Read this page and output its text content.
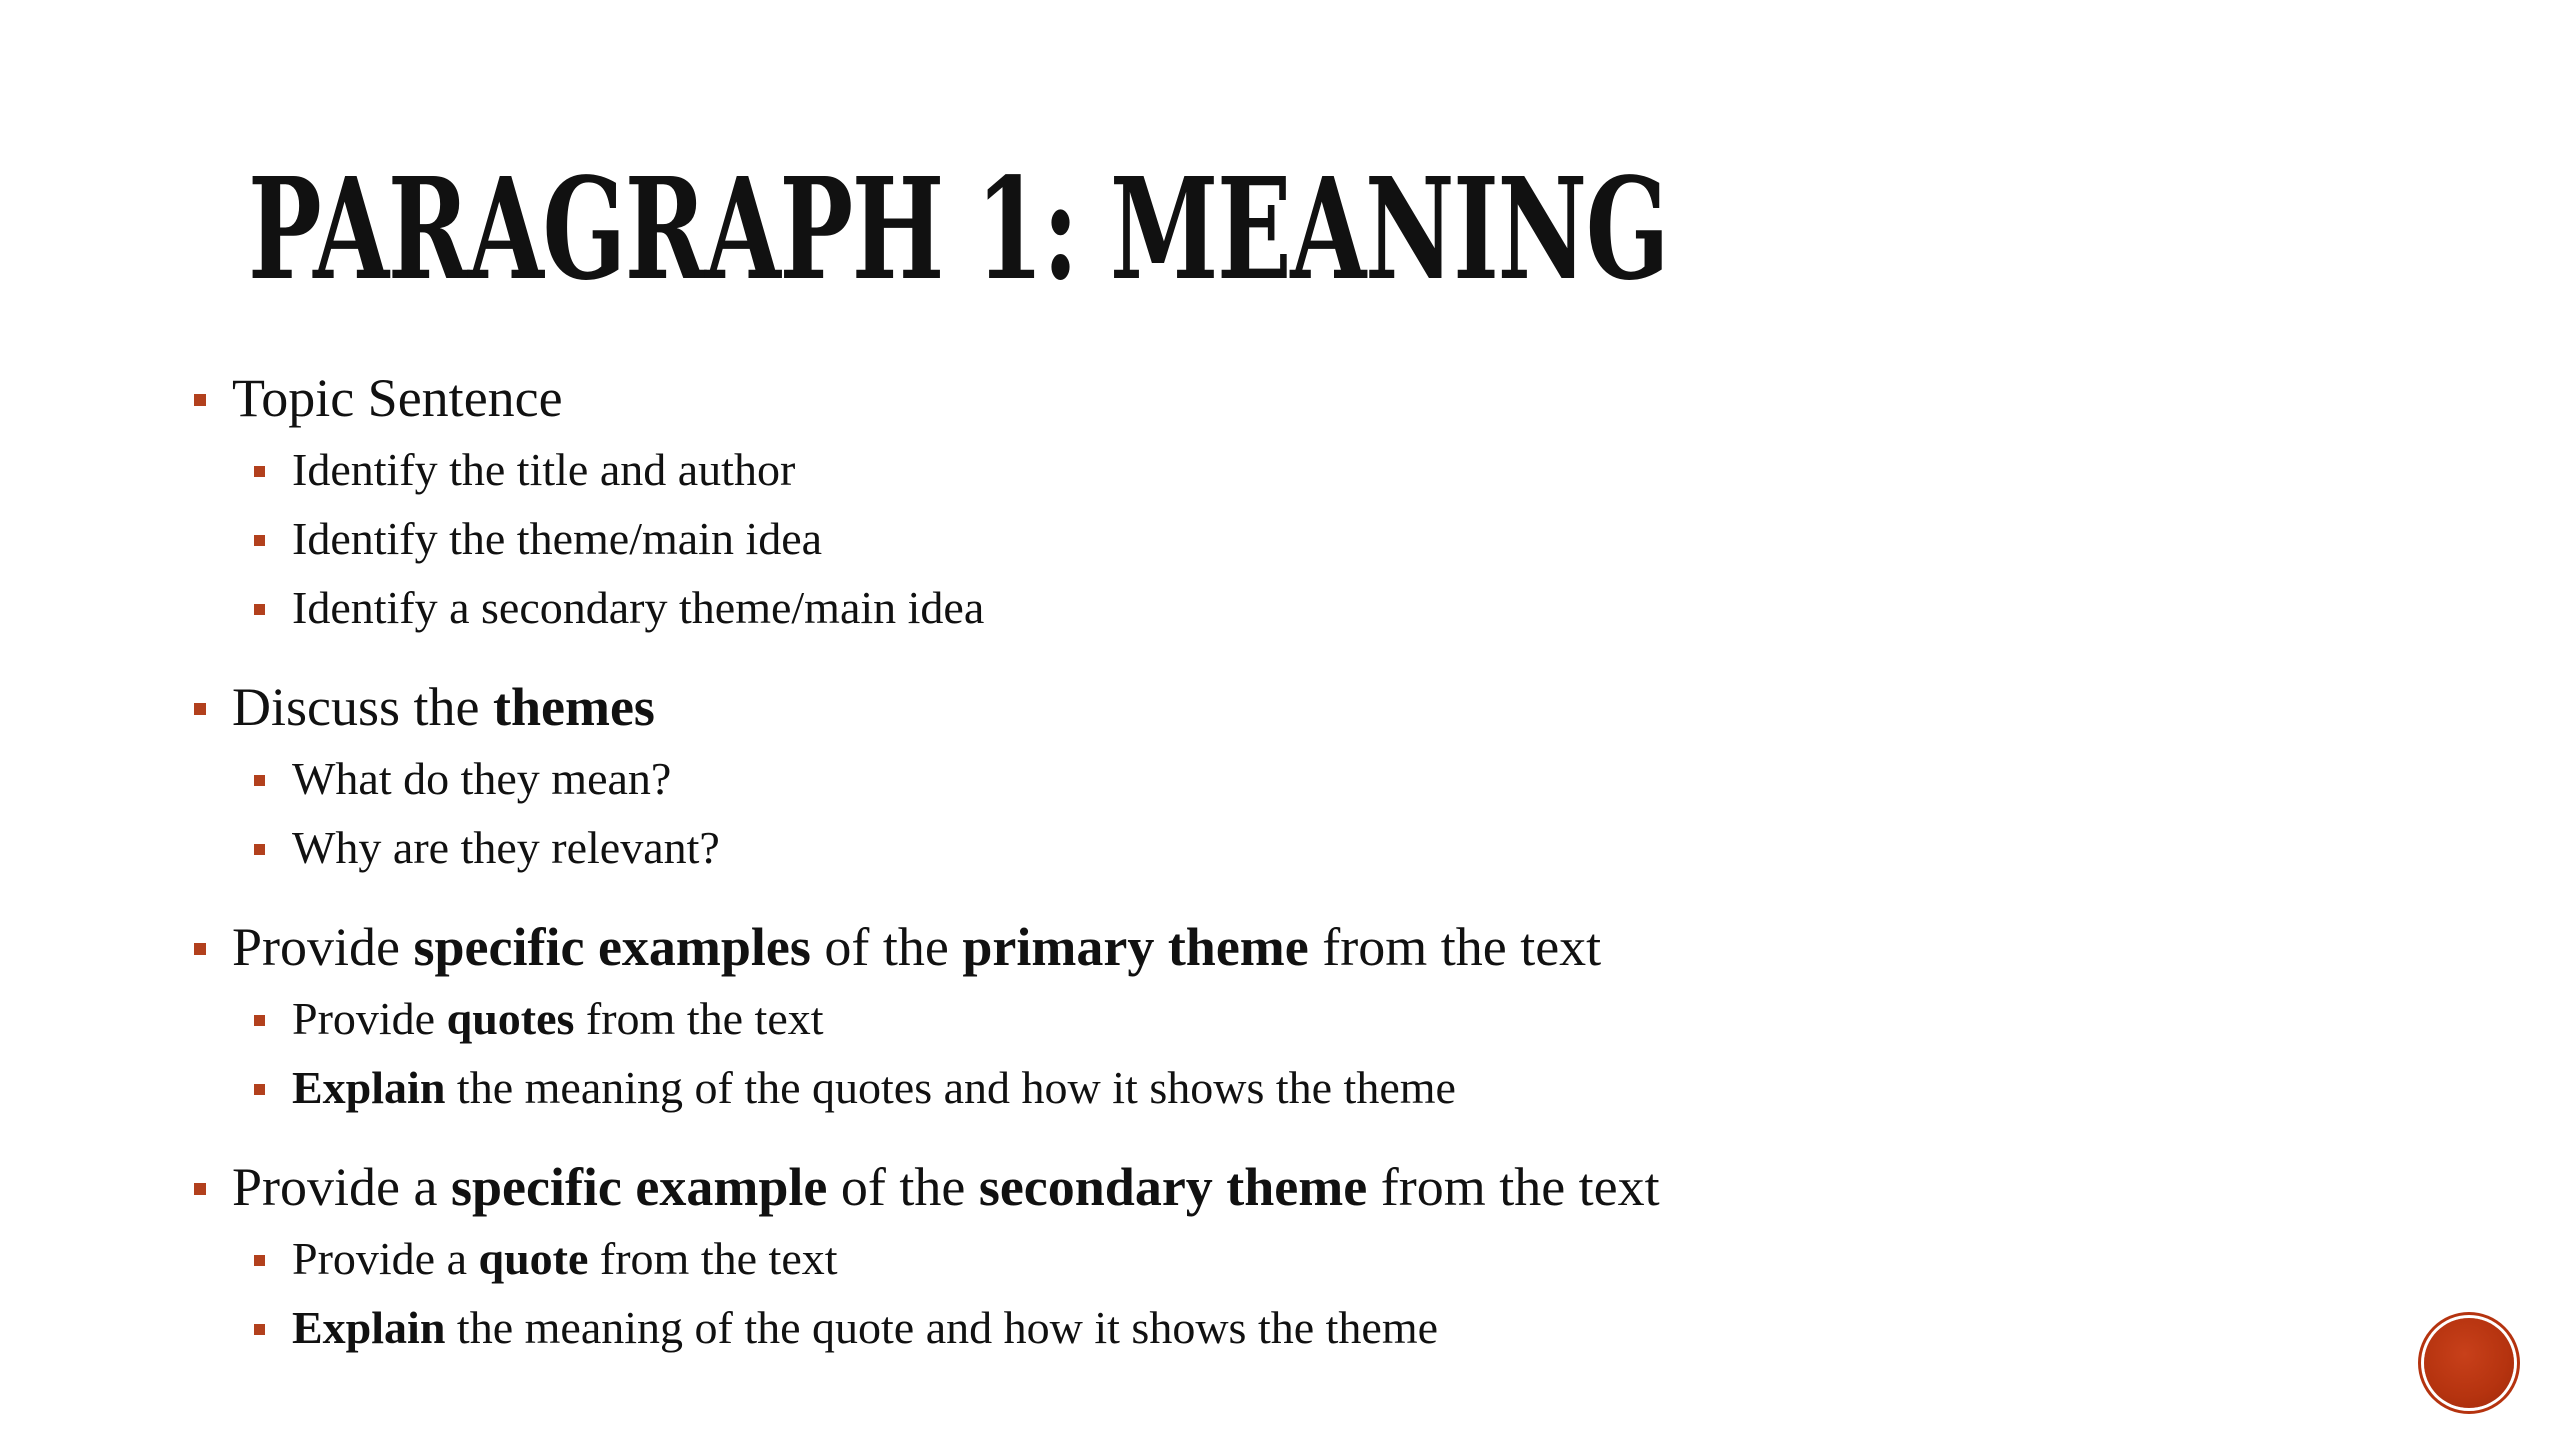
PARAGRAPH 1: MEANING
Topic Sentence
Identify the title and author
Identify the theme/main idea
Identify a secondary theme/main idea
Discuss the themes
What do they mean?
Why are they relevant?
Provide specific examples of the primary theme from the text
Provide quotes from the text
Explain the meaning of the quotes and how it shows the theme
Provide a specific example of the secondary theme from the text
Provide a quote from the text
Explain the meaning of the quote and how it shows the theme
